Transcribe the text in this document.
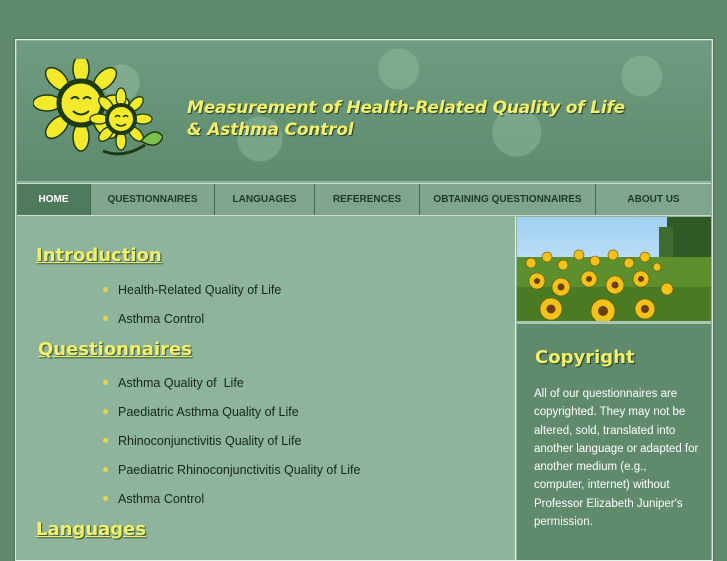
Measurement of Health-Related Quality of Life
& Asthma Control
HOME	QUESTIONNAIRES	LANGUAGES	REFERENCES	OBTAINING QUESTIONNAIRES	ABOUT US
Introduction
Health-Related Quality of Life
Asthma Control
Questionnaires
Asthma Quality of  Life
Paediatric Asthma Quality of Life
Rhinoconjunctivitis Quality of Life
Paediatric Rhinoconjunctivitis Quality of Life
Asthma Control
Languages
Copyright
All of our questionnaires are copyrighted. They may not be altered, sold, translated into another language or adapted for another medium (e.g., computer, internet) without Professor Elizabeth Juniper's permission.
